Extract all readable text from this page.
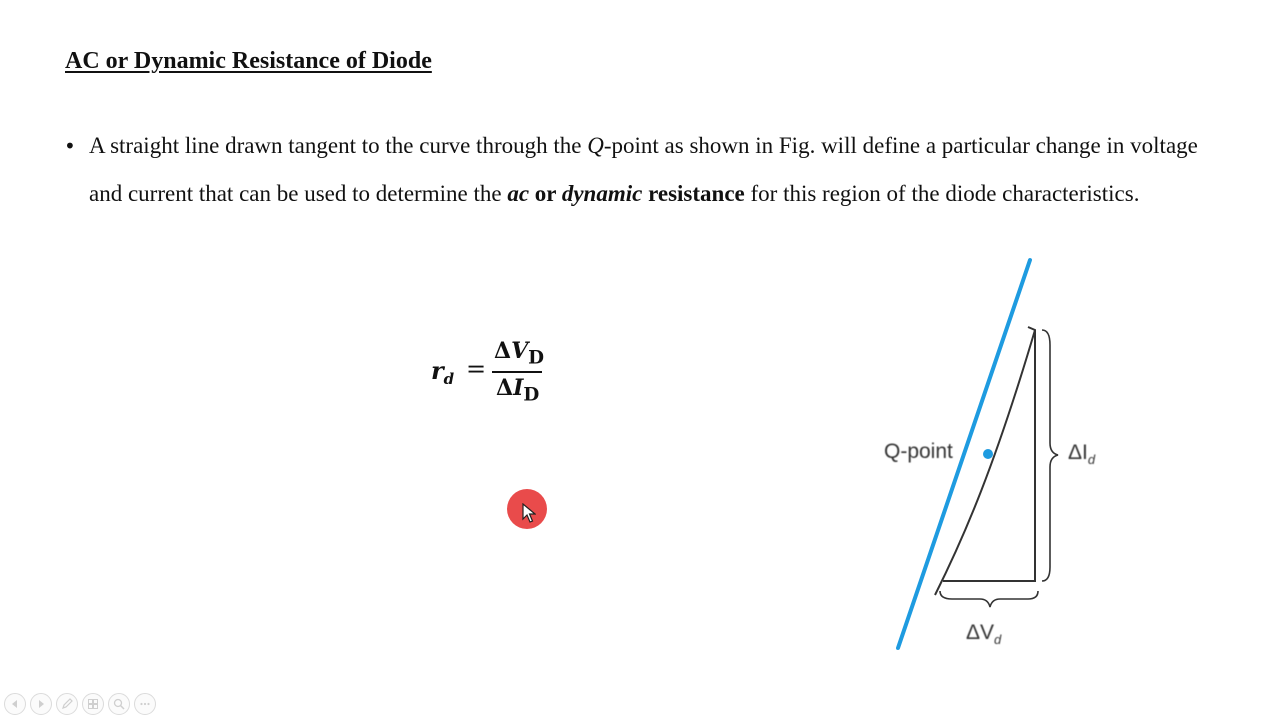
AC or Dynamic Resistance of Diode
• A straight line drawn tangent to the curve through the Q-point as shown in Fig. will define a particular change in voltage and current that can be used to determine the ac or dynamic resistance for this region of the diode characteristics.
$r_d$ =
$\Delta V_D$
$\Delta I_D$
Q-point	$\Delta I_d$
$\Delta V_d$
